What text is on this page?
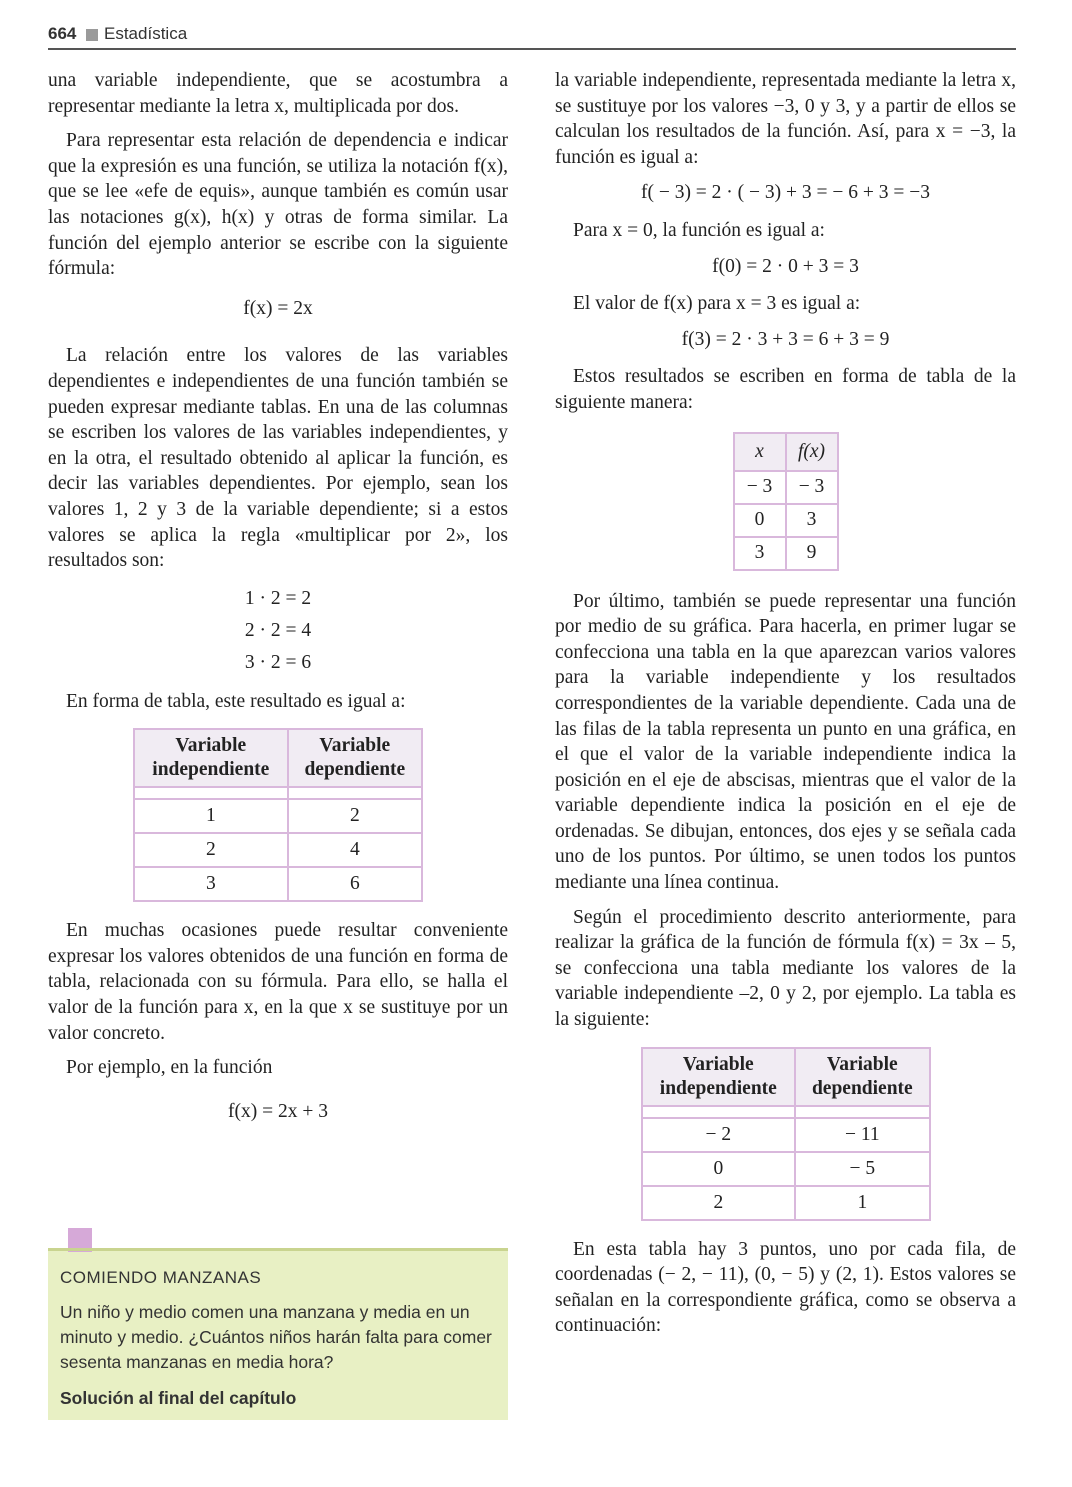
664 Estadística

una variable independiente, que se acostumbra a representar mediante la letra x, multiplicada por dos.

Para representar esta relación de dependencia e indicar que la expresión es una función, se utiliza la notación f(x), que se lee «efe de equis», aunque también es común usar las notaciones g(x), h(x) y otras de forma similar. La función del ejemplo anterior se escribe con la siguiente fórmula:

f(x) = 2x

La relación entre los valores de las variables dependientes e independientes de una función también se pueden expresar mediante tablas. En una de las columnas se escriben los valores de las variables independientes, y en la otra, el resultado obtenido al aplicar la función, es decir las variables dependientes. Por ejemplo, sean los valores 1, 2 y 3 de la variable dependiente; si a estos valores se aplica la regla «multiplicar por 2», los resultados son:

1 · 2 = 2
2 · 2 = 4
3 · 2 = 6

En forma de tabla, este resultado es igual a:

Variable independiente	Variable dependiente

1	2
2	4
3	6

En muchas ocasiones puede resultar conveniente expresar los valores obtenidos de una función en forma de tabla, relacionada con su fórmula. Para ello, se halla el valor de la función para x, en la que x se sustituye por un valor concreto.

Por ejemplo, en la función

f(x) = 2x + 3

la variable independiente, representada mediante la letra x, se sustituye por los valores −3, 0 y 3, y a partir de ellos se calculan los resultados de la función. Así, para x = −3, la función es igual a:

f( − 3) = 2 · ( − 3) + 3 = − 6 + 3 = −3

Para x = 0, la función es igual a:

f(0) = 2 · 0 + 3 = 3

El valor de f(x) para x = 3 es igual a:

f(3) = 2 · 3 + 3 = 6 + 3 = 9

Estos resultados se escriben en forma de tabla de la siguiente manera:

x	f(x)
− 3	− 3
0	3
3	9

Por último, también se puede representar una función por medio de su gráfica. Para hacerla, en primer lugar se confecciona una tabla en la que aparezcan varios valores para la variable independiente y los resultados correspondientes de la variable dependiente. Cada una de las filas de la tabla representa un punto en una gráfica, en el que el valor de la variable independiente indica la posición en el eje de abscisas, mientras que el valor de la variable dependiente indica la posición en el eje de ordenadas. Se dibujan, entonces, dos ejes y se señala cada uno de los puntos. Por último, se unen todos los puntos mediante una línea continua.

Según el procedimiento descrito anteriormente, para realizar la gráfica de la función de fórmula f(x) = 3x – 5, se confecciona una tabla mediante los valores de la variable independiente –2, 0 y 2, por ejemplo. La tabla es la siguiente:

Variable independiente	Variable dependiente

− 2	− 11
0	− 5
2	1

En esta tabla hay 3 puntos, uno por cada fila, de coordenadas (− 2, − 11), (0, − 5) y (2, 1). Estos valores se señalan en la correspondiente gráfica, como se observa a continuación:

COMIENDO MANZANAS
Un niño y medio comen una manzana y media en un minuto y medio. ¿Cuántos niños harán falta para comer sesenta manzanas en media hora?
Solución al final del capítulo
